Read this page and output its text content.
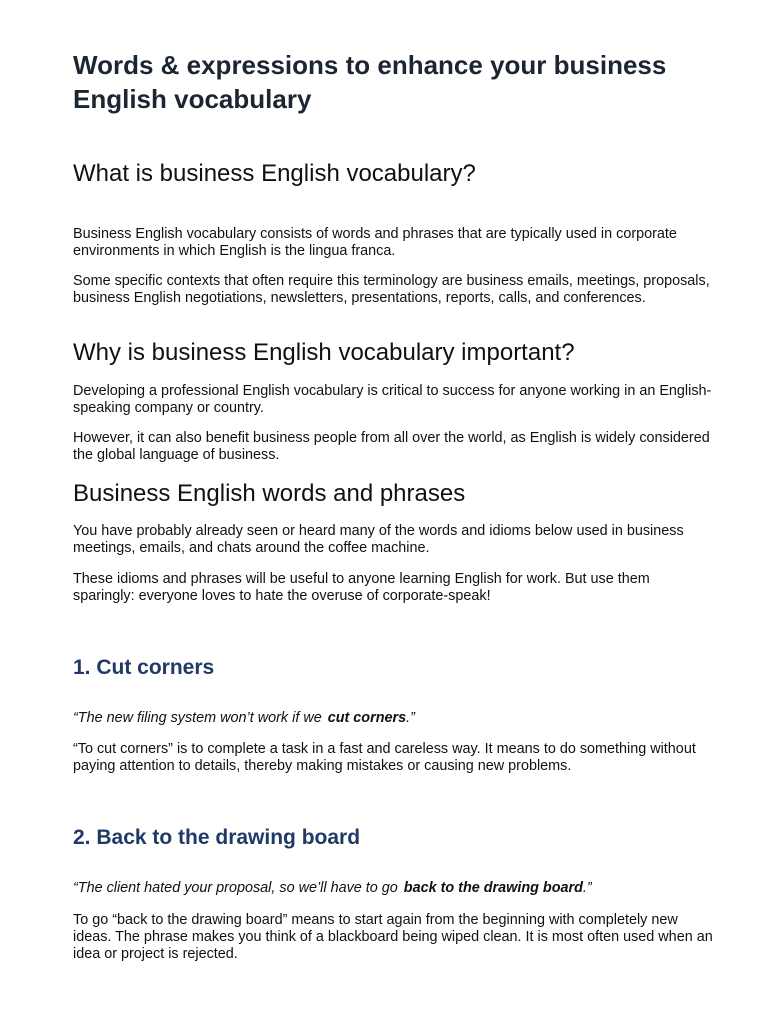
Words & expressions to enhance your business English vocabulary
What is business English vocabulary?

Business English vocabulary consists of words and phrases that are typically used in corporate environments in which English is the lingua franca.

Some specific contexts that often require this terminology are business emails, meetings, proposals, business English negotiations, newsletters, presentations, reports, calls, and conferences.

Why is business English vocabulary important?

Developing a professional English vocabulary is critical to success for anyone working in an English-speaking company or country.

However, it can also benefit business people from all over the world, as English is widely considered the global language of business.

Business English words and phrases

You have probably already seen or heard many of the words and idioms below used in business meetings, emails, and chats around the coffee machine.

These idioms and phrases will be useful to anyone learning English for work. But use them sparingly: everyone loves to hate the overuse of corporate-speak!

1. Cut corners

“The new filing system won’t work if we cut corners.”

“To cut corners” is to complete a task in a fast and careless way. It means to do something without paying attention to details, thereby making mistakes or causing new problems.

2. Back to the drawing board

“The client hated your proposal, so we’ll have to go back to the drawing board.”

To go “back to the drawing board” means to start again from the beginning with completely new ideas. The phrase makes you think of a blackboard being wiped clean. It is most often used when an idea or project is rejected.
